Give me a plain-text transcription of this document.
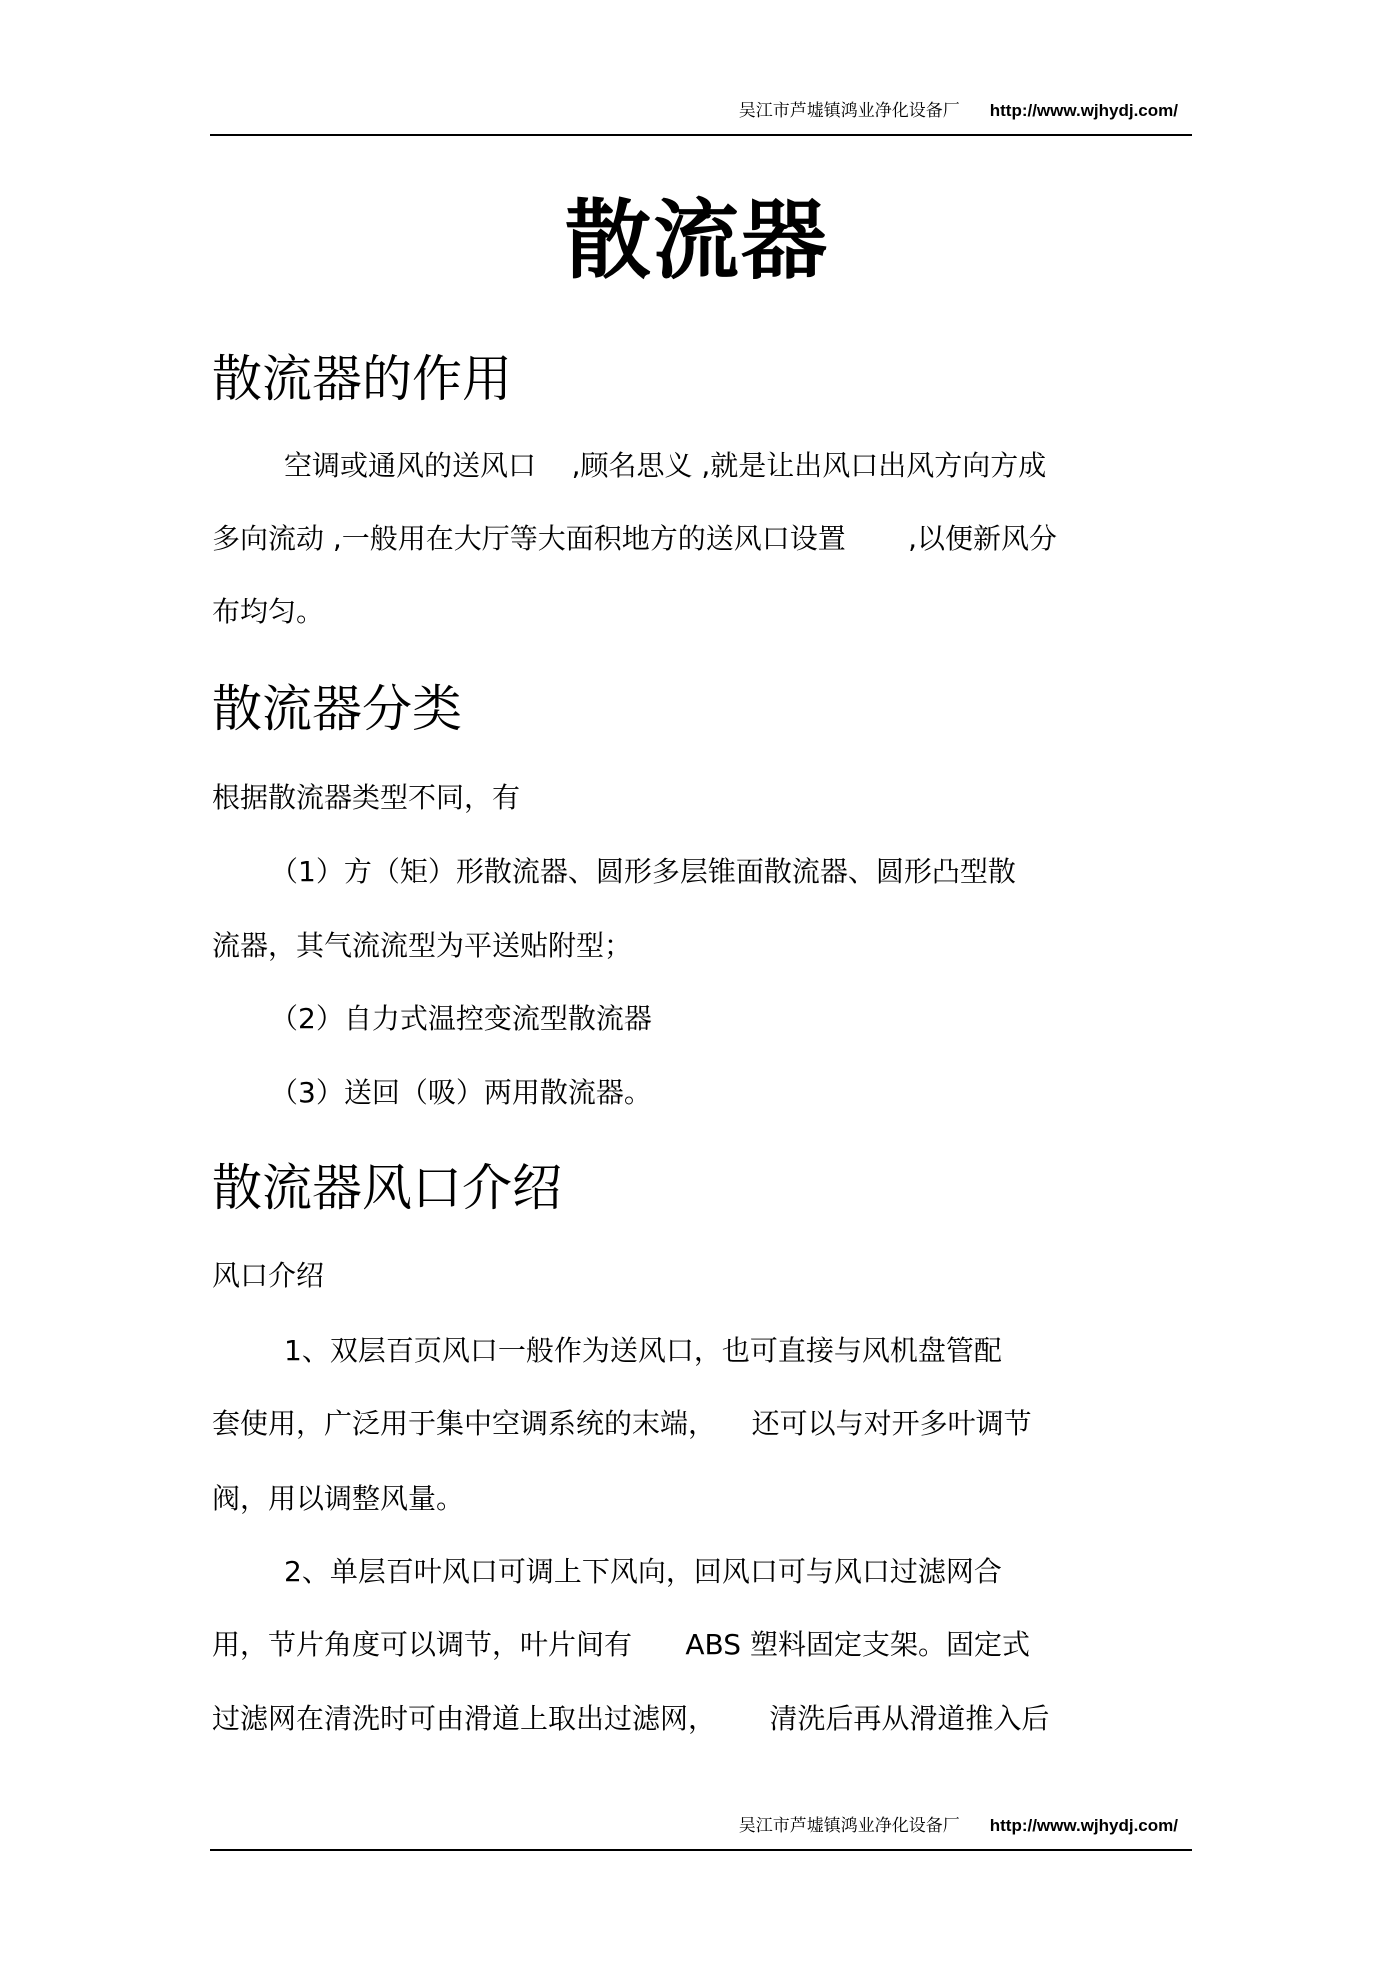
吴江市芦墟镇鸿业净化设备厂 http://www.wjhydj.com/
散流器
散流器的作用

空调或通风的送风口    ,顾名思义 ,就是让出风口出风方向方成

多向流动 ,一般用在大厅等大面积地方的送风口设置       ,以便新风分

布均匀。

散流器分类

根据散流器类型不同，有

（1）方（矩）形散流器、圆形多层锥面散流器、圆形凸型散

流器，其气流流型为平送贴附型；

（2）自力式温控变流型散流器

（3）送回（吸）两用散流器。

散流器风口介绍

风口介绍

1、双层百页风口一般作为送风口，也可直接与风机盘管配

套使用，广泛用于集中空调系统的末端，    还可以与对开多叶调节

阀，用以调整风量。

2、单层百叶风口可调上下风向，回风口可与风口过滤网合

用，节片角度可以调节，叶片间有      ABS 塑料固定支架。固定式

过滤网在清洗时可由滑道上取出过滤网，      清洗后再从滑道推入后

吴江市芦墟镇鸿业净化设备厂 http://www.wjhydj.com/
